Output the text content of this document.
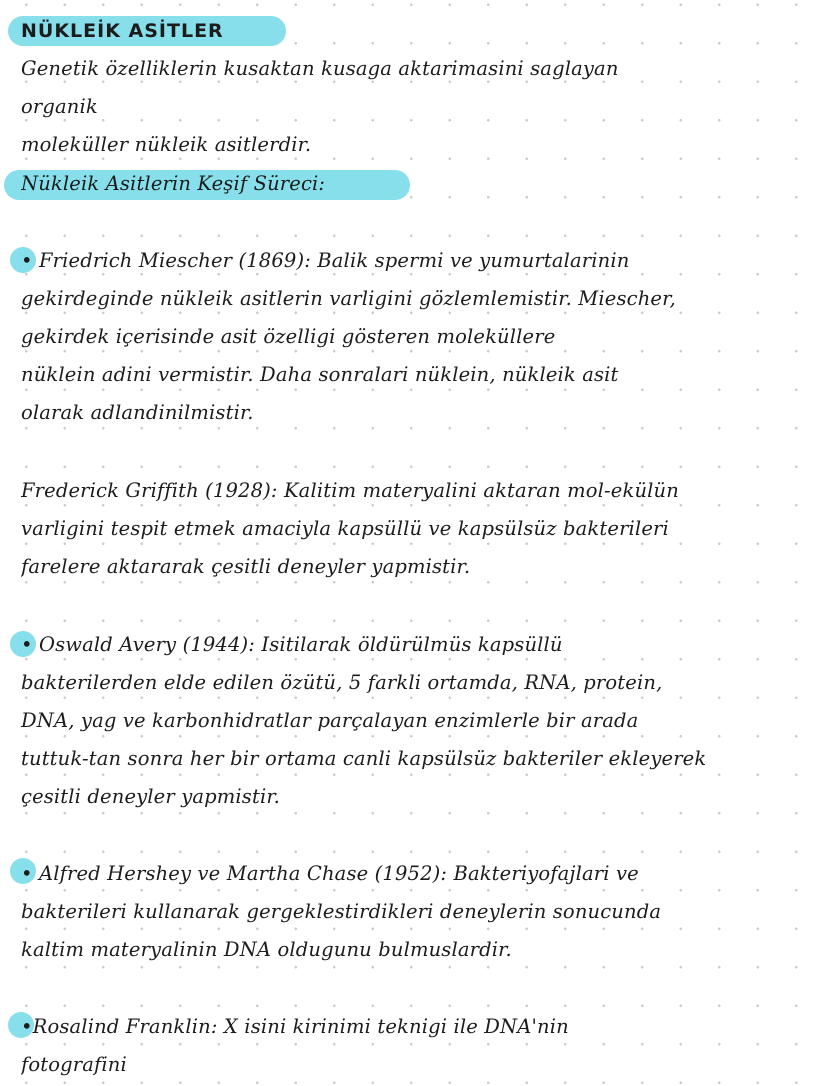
NÜKLEİK ASİTLER
Genetik özelliklerin kusaktan kusaga aktarimasini saglayan
organik
moleküller nükleik asitlerdir.
Nükleik Asitlerin Keşif Süreci:
• Friedrich Miescher (1869): Balik spermi ve yumurtalarinin
gekirdeginde nükleik asitlerin varligini gözlemlemistir. Miescher,
gekirdek içerisinde asit özelligi gösteren moleküllere
nüklein adini vermistir. Daha sonralari nüklein, nükleik asit
olarak adlandinilmistir.
Frederick Griffith (1928): Kalitim materyalini aktaran mol-ekülün
varligini tespit etmek amaciyla kapsüllü ve kapsülsüz bakterileri
farelere aktararak çesitli deneyler yapmistir.
• Oswald Avery (1944): Isitilarak öldürülmüs kapsüllü
bakterilerden elde edilen özütü, 5 farkli ortamda, RNA, protein,
DNA, yag ve karbonhidratlar parçalayan enzimlerle bir arada
tuttuk-tan sonra her bir ortama canli kapsülsüz bakteriler ekleyerek
çesitli deneyler yapmistir.
• Alfred Hershey ve Martha Chase (1952): Bakteriyofajlari ve
bakterileri kullanarak gergeklestirdikleri deneylerin sonucunda
kaltim materyalinin DNA oldugunu bulmuslardir.
•Rosalind Franklin: X isini kirinimi teknigi ile DNA'nin
fotografini
